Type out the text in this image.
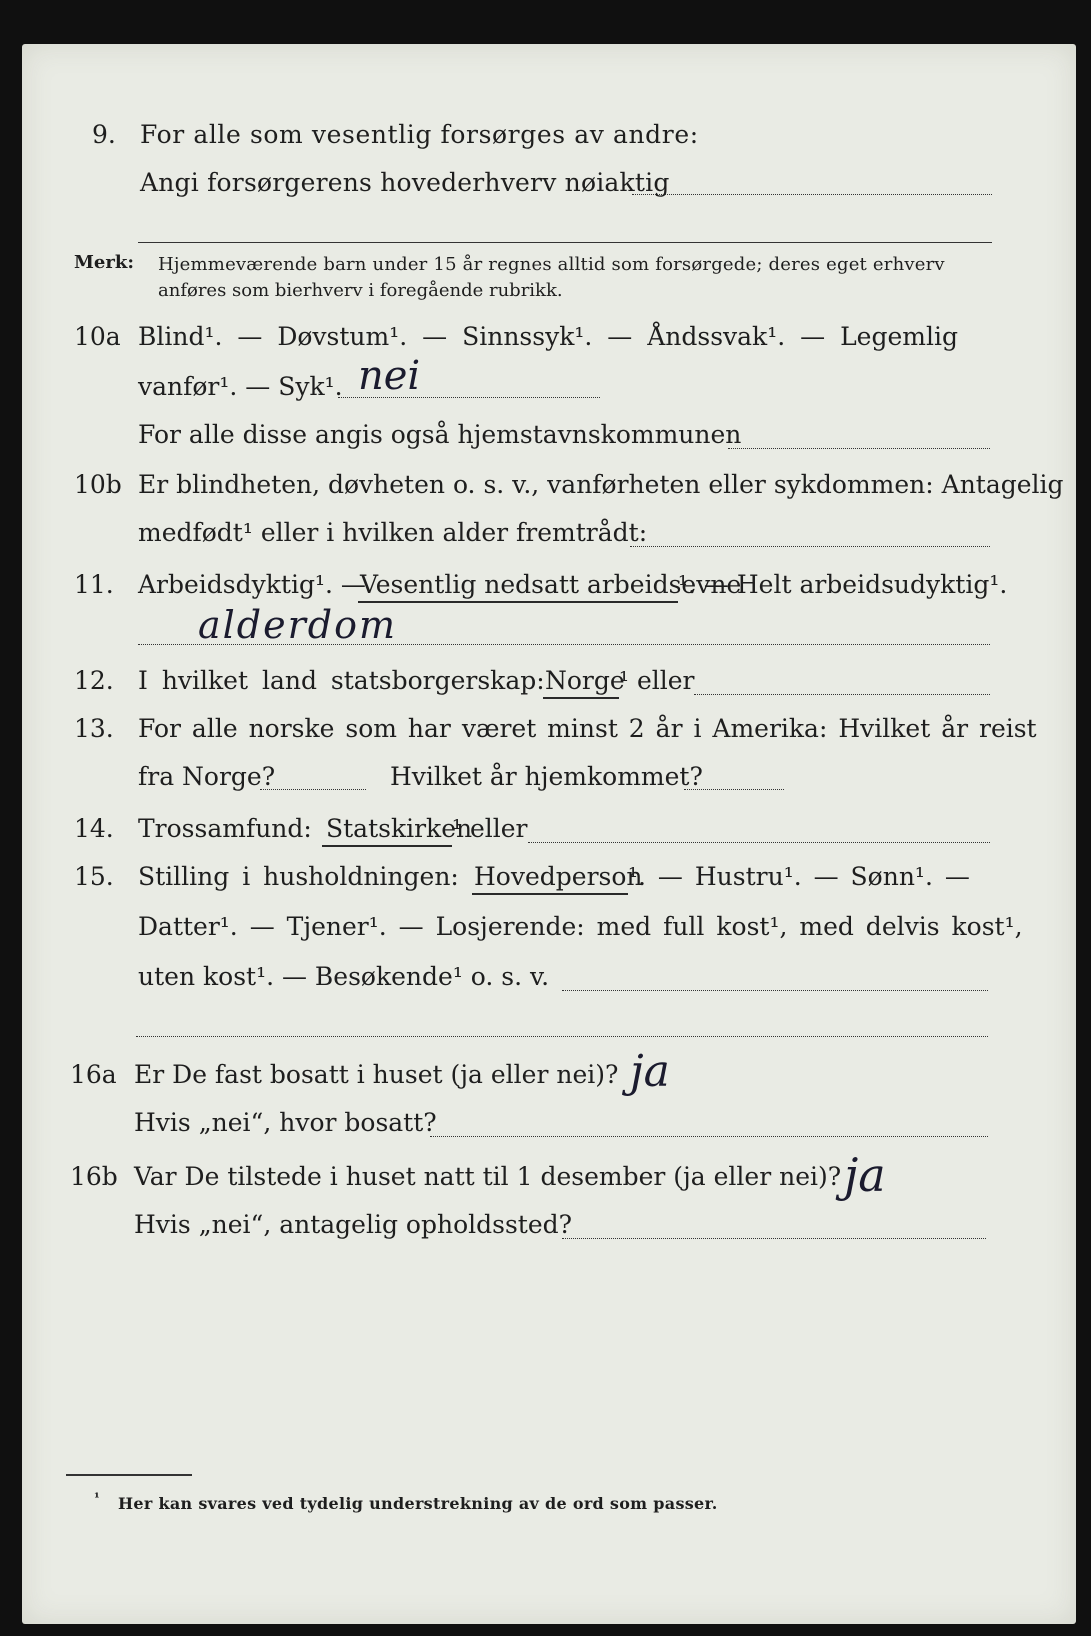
9. For alle som vesentlig forsørges av andre:
Angi forsørgerens hovederhverv nøiaktig
Merk: Hjemmeværende barn under 15 år regnes alltid som forsørgede; deres eget erhverv
anføres som bierhverv i foregående rubrikk.
10a Blind¹. — Døvstum¹. — Sinnssyk¹. — Åndssvak¹. — Legemlig
vanfør¹. — Syk¹. nei
For alle disse angis også hjemstavnskommunen
10b Er blindheten, døvheten o. s. v., vanførheten eller sykdommen: Antagelig
medfødt¹ eller i hvilken alder fremtrådt:
11. Arbeidsdyktig¹. —
Vesentlig nedsatt arbeidsevne
¹. — Helt arbeidsudyktig¹.
alderdom
12. I hvilket land statsborgerskap: Norge
¹ eller
13. For alle norske som har været minst 2 år i Amerika: Hvilket år reist
fra Norge?	Hvilket år hjemkommet?
14. Trossamfund: Statskirken
¹ eller
15. Stilling i husholdningen: Hovedperson
¹. — Hustru¹. — Sønn¹. —
Datter¹. — Tjener¹. — Losjerende: med full kost¹, med delvis kost¹,
uten kost¹. — Besøkende¹ o. s. v.
16a Er De fast bosatt i huset (ja eller nei)? ja
Hvis „nei“, hvor bosatt?
16b Var De tilstede i huset natt til 1 desember (ja eller nei)? ja
Hvis „nei“, antagelig opholdssted?
¹ Her kan svares ved tydelig understrekning av de ord som passer.
